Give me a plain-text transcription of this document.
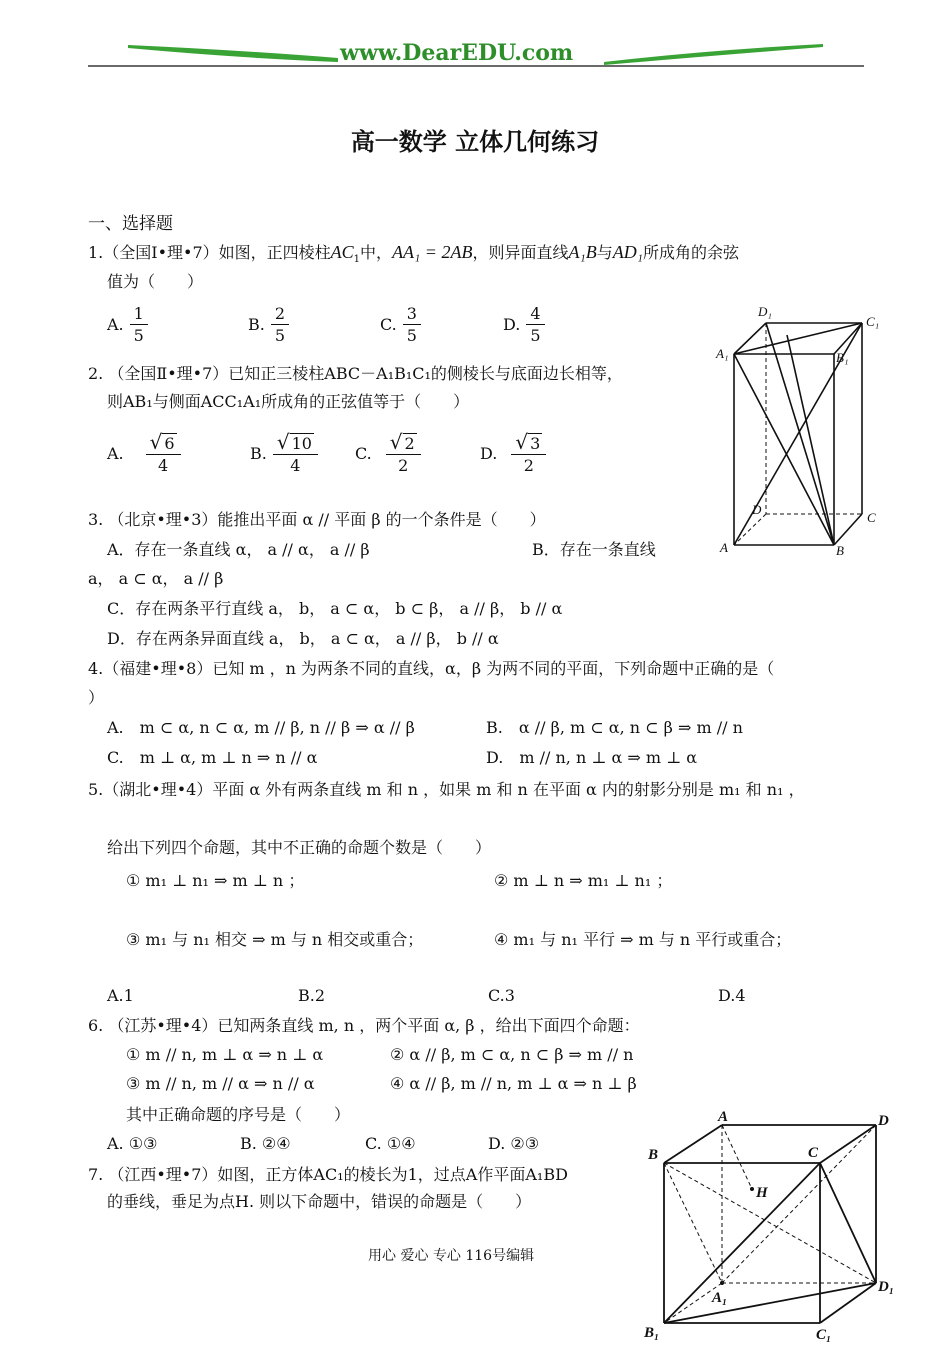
www.DearEDU.com
高一数学 立体几何练习
一、选择题
1.（全国Ⅰ•理•7）如图，正四棱柱$AC_1$中，AA₁ = 2AB，则异面直线A₁B与AD₁所成角的余弦
值为（　　）
A. $\frac{1}{5}$	B. $\frac{2}{5}$	C. $\frac{3}{5}$	D. $\frac{4}{5}$	D₁
C₁
A₁	B₁
D
C
A	B
2. （全国Ⅱ•理•7）已知正三棱柱ABC－A₁B₁C₁的侧棱长与底面边长相等，
则AB₁与侧面ACC₁A₁所成角的正弦值等于（　　）
A. $\frac{√ 6}{4}$	B. $\frac{√ 10}{4} C$. $\frac{√ 2}{2}$	D. $\frac{√ 3}{2}$
3. （北京•理•3）能推出平面 α // 平面 β 的一个条件是（　　）
A．存在一条直线 α， a // α， a // β	B．存在一条直线
a， a ⊂ α， a // β
C．存在两条平行直线 a， b， a ⊂ α， b ⊂ β， a // β， b // α
D．存在两条异面直线 a， b， a ⊂ α， a // β， b // α
4.（福建•理•8）已知 m ，n 为两条不同的直线，α，β 为两不同的平面，下列命题中正确的是（
）
A.　m ⊂ α, n ⊂ α, m // β, n // β ⇒ α // β	B.　α // β, m ⊂ α, n ⊂ β ⇒ m // n
C.　m ⊥ α, m ⊥ n ⇒ n // α	D.　m // n, n ⊥ α ⇒ m ⊥ α
5.（湖北•理•4）平面 α 外有两条直线 m 和 n ，如果 m 和 n 在平面 α 内的射影分别是 m₁ 和 n₁ ，
给出下列四个命题，其中不正确的命题个数是（　　）
① m₁ ⊥ n₁ ⇒ m ⊥ n ；	② m ⊥ n ⇒ m₁ ⊥ n₁ ；
③ m₁ 与 n₁ 相交 ⇒ m 与 n 相交或重合；	④ m₁ 与 n₁ 平行 ⇒ m 与 n 平行或重合；
A.1	B.2	C.3	D.4
6. （江苏•理•4）已知两条直线 m, n ，两个平面 α, β ，给出下面四个命题：
① m // n, m ⊥ α ⇒ n ⊥ α	② α // β, m ⊂ α, n ⊂ β ⇒ m // n
③ m // n, m // α ⇒ n // α	④ α // β, m // n, m ⊥ α ⇒ n ⊥ β
其中正确命题的序号是（　　）
A. ①③	B. ②④	C. ①④	D. ②③
7. （江西•理•7）如图，正方体AC₁的棱长为1，过点A作平面A₁BD
的垂线，垂足为点H. 则以下命题中，错误的命题是（　　）
A	D
B	C
H
A₁
D₁
B₁	C₁
用心 爱心 专心 116号编辑
